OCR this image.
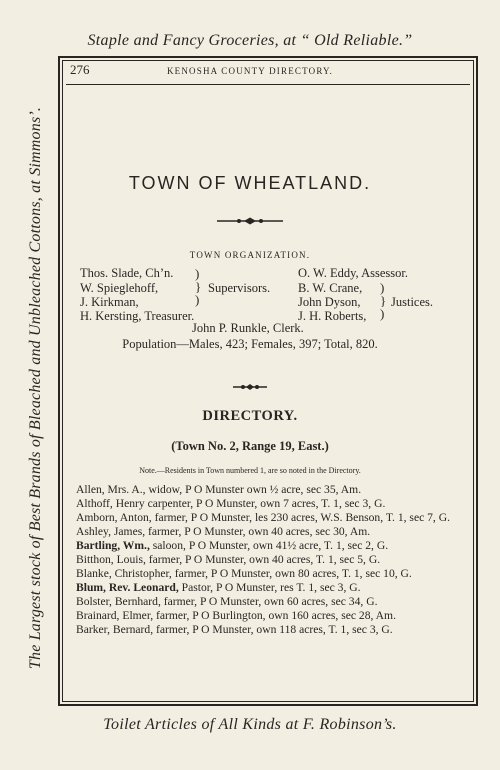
Staple and Fancy Groceries, at “ Old Reliable.”
The Largest stock of Best Brands of Bleached and Unbleached Cottons, at Simmons’.
276	KENOSHA COUNTY DIRECTORY.
TOWN OF WHEATLAND.
TOWN ORGANIZATION.
Thos. Slade, Ch’n.
W. Spieglehoff,
J. Kirkman,
H. Kersting, Treasurer.
)
}
)
Supervisors.
O. W. Eddy, Assessor.
B. W. Crane,
John Dyson,
J. H. Roberts,
)
}
)
Justices.
John P. Runkle, Clerk.
Population—Males, 423; Females, 397; Total, 820.
DIRECTORY.
(Town No. 2, Range 19, East.)
Note.—Residents in Town numbered 1, are so noted in the Directory.
Allen, Mrs. A., widow, P O Munster own ½ acre, sec 35, Am.
Althoff, Henry carpenter, P O Munster, own 7 acres, T. 1, sec 3, G.
Amborn, Anton, farmer, P O Munster, les 230 acres, W.S. Benson, T. 1, sec 7, G.
Ashley, James, farmer, P O Munster, own 40 acres, sec 30, Am.
Bartling, Wm., saloon, P O Munster, own 41½ acre, T. 1, sec 2, G.
Bitthon, Louis, farmer, P O Munster, own 40 acres, T. 1, sec 5, G.
Blanke, Christopher, farmer, P O Munster, own 80 acres, T. 1, sec 10, G.
Blum, Rev. Leonard, Pastor, P O Munster, res T. 1, sec 3, G.
Bolster, Bernhard, farmer, P O Munster, own 60 acres, sec 34, G.
Brainard, Elmer, farmer, P O Burlington, own 160 acres, sec 28, Am.
Barker, Bernard, farmer, P O Munster, own 118 acres, T. 1, sec 3, G.
Toilet Articles of All Kinds at F. Robinson’s.
